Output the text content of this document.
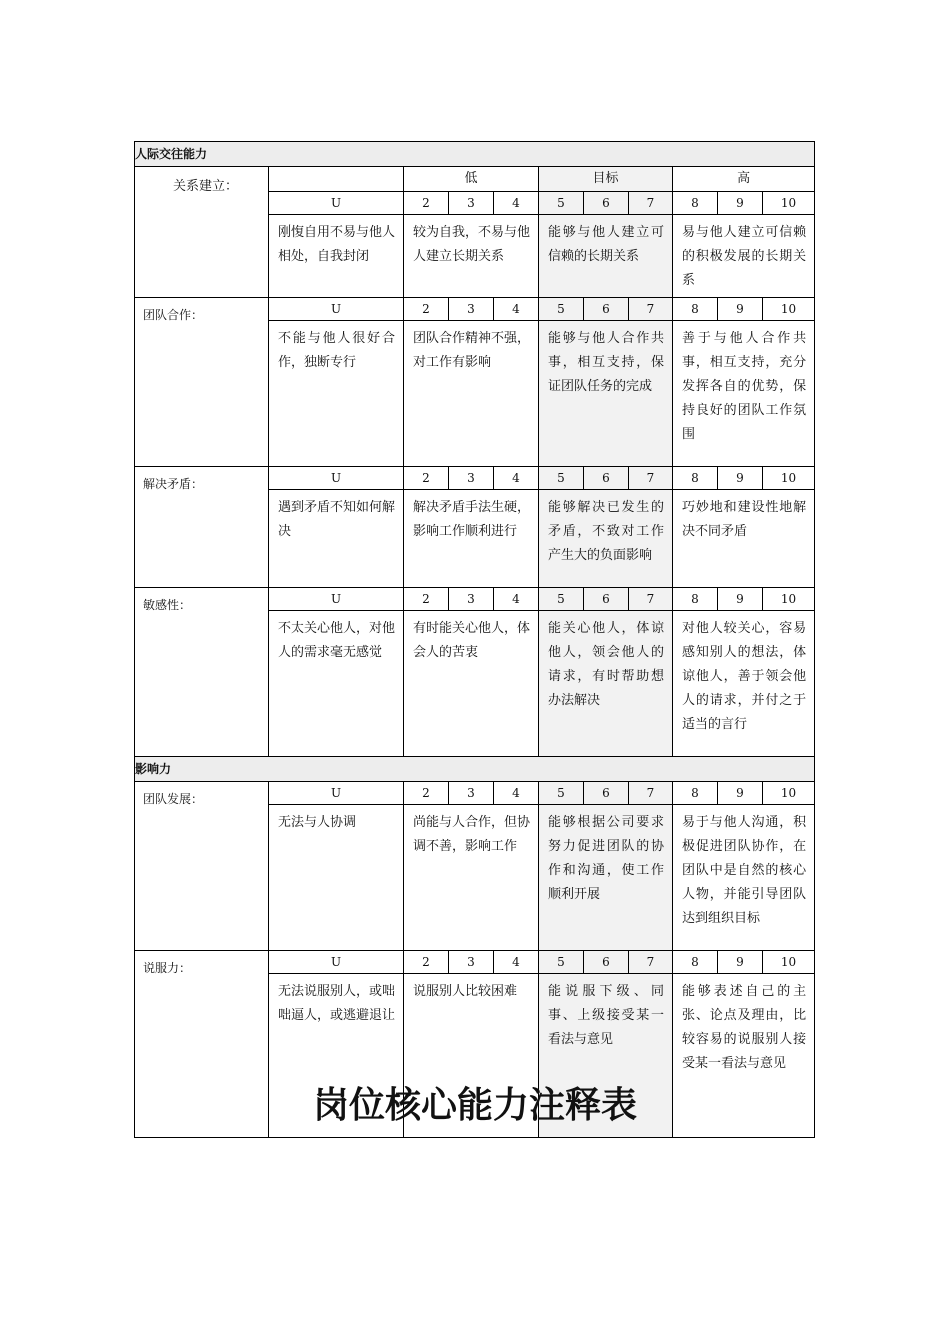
人际交往能力										
关系建立：		低			目标			高		
	U	2	3	4	5	6	7	8	9	10
	刚愎自用不易与他人相处，自我封闭	较为自我，不易与他人建立长期关系			能够与他人建立可信赖的长期关系			易与他人建立可信赖的积极发展的长期关系		
团队合作：	U	2	3	4	5	6	7	8	9	10
	不能与他人很好合作，独断专行	团队合作精神不强，对工作有影响			能够与他人合作共事，相互支持，保证团队任务的完成			善于与他人合作共事，相互支持，充分发挥各自的优势，保持良好的团队工作氛围		
解决矛盾：	U	2	3	4	5	6	7	8	9	10
	遇到矛盾不知如何解决	解决矛盾手法生硬，影响工作顺利进行			能够解决已发生的矛盾，不致对工作产生大的负面影响			巧妙地和建设性地解决不同矛盾		
敏感性：	U	2	3	4	5	6	7	8	9	10
	不太关心他人，对他人的需求毫无感觉	有时能关心他人，体会人的苦衷			能关心他人，体谅他人，领会他人的请求，有时帮助想办法解决			对他人较关心，容易感知别人的想法，体谅他人，善于领会他人的请求，并付之于适当的言行		
影响力										
团队发展：	U	2	3	4	5	6	7	8	9	10
	无法与人协调	尚能与人合作，但协调不善，影响工作			能够根据公司要求努力促进团队的协作和沟通，使工作顺利开展			易于与他人沟通，积极促进团队协作，在团队中是自然的核心人物，并能引导团队达到组织目标		
说服力：	U	2	3	4	5	6	7	8	9	10
	无法说服别人，或咄咄逼人，或逃避退让	说服别人比较困难			能说服下级、同事、上级接受某一看法与意见			能够表述自己的主张、论点及理由，比较容易的说服别人接受某一看法与意见		
岗位核心能力注释表
